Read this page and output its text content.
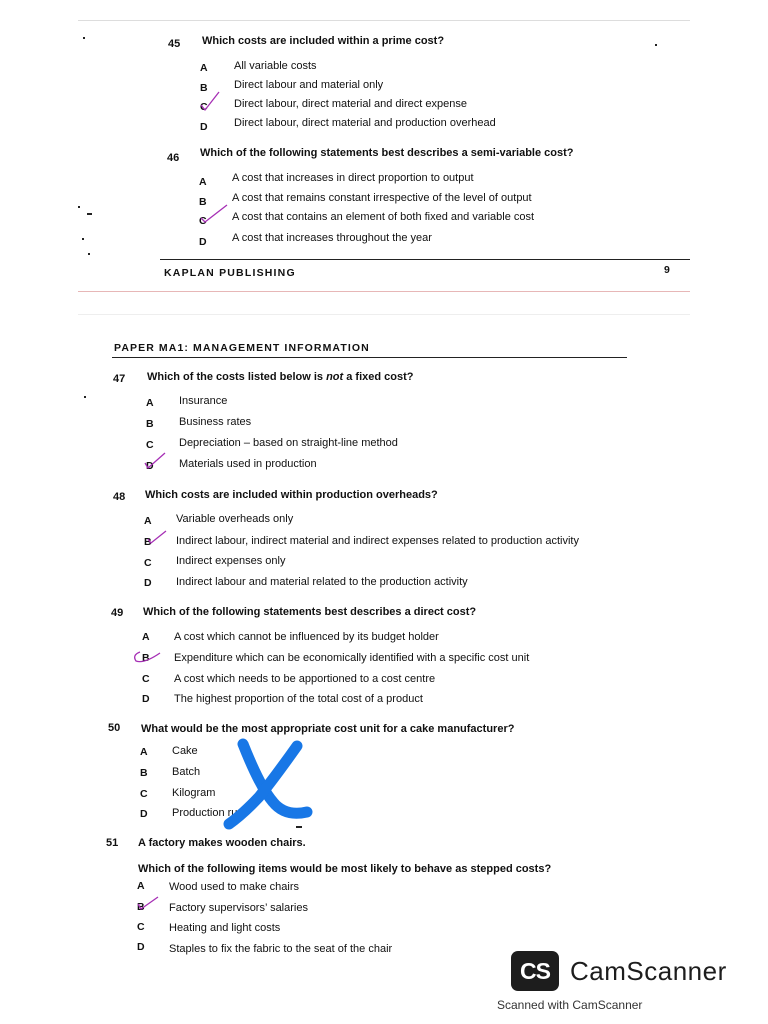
45 Which costs are included within a prime cost?
A All variable costs
B Direct labour and material only
C Direct labour, direct material and direct expense
D Direct labour, direct material and production overhead
46 Which of the following statements best describes a semi-variable cost?
A A cost that increases in direct proportion to output
B A cost that remains constant irrespective of the level of output
C A cost that contains an element of both fixed and variable cost
D A cost that increases throughout the year
KAPLAN PUBLISHING	9
PAPER MA1: MANAGEMENT INFORMATION
47 Which of the costs listed below is not a fixed cost?
A Insurance
B Business rates
C Depreciation – based on straight-line method
D Materials used in production
48 Which costs are included within production overheads?
A Variable overheads only
B Indirect labour, indirect material and indirect expenses related to production activity
C Indirect expenses only
D Indirect labour and material related to the production activity
49 Which of the following statements best describes a direct cost?
A A cost which cannot be influenced by its budget holder
B Expenditure which can be economically identified with a specific cost unit
C A cost which needs to be apportioned to a cost centre
D The highest proportion of the total cost of a product
50 What would be the most appropriate cost unit for a cake manufacturer?
A Cake
B Batch
C Kilogram
D Production run
51 A factory makes wooden chairs.
Which of the following items would be most likely to behave as stepped costs?
A Wood used to make chairs
B Factory supervisors’ salaries
C Heating and light costs
D Staples to fix the fabric to the seat of the chair
CS CamScanner
Scanned with CamScanner
